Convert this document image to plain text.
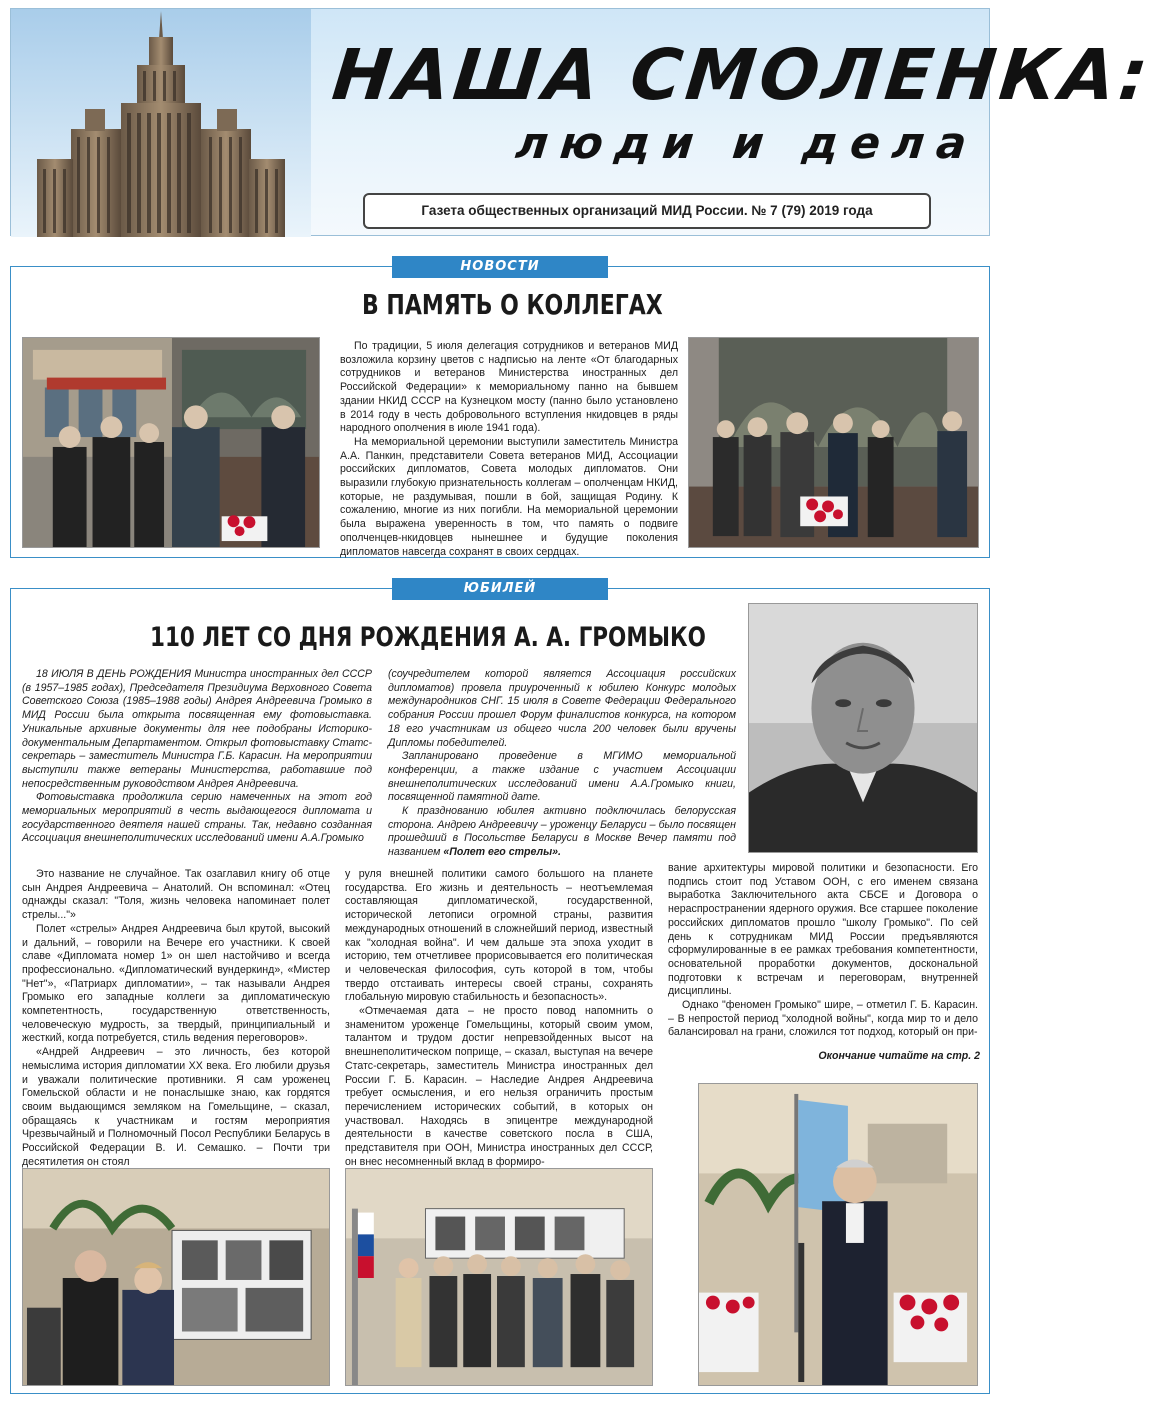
НАША СМОЛЕНКА:
люди и дела
Газета общественных организаций МИД России. № 7 (79) 2019 года
НОВОСТИ
В ПАМЯТЬ О КОЛЛЕГАХ

По традиции, 5 июля делегация сотрудников и ветеранов МИД возложила корзину цветов с надписью на ленте «От благодарных сотрудников и ветеранов Министерства иностранных дел Российской Федерации» к мемориальному панно на бывшем здании НКИД СССР на Кузнецком мосту (панно было установлено в 2014 году в честь добровольного вступления нкидовцев в ряды народного ополчения в июле 1941 года).

На мемориальной церемонии выступили заместитель Министра А.А. Панкин, представители Совета ветеранов МИД, Ассоциации российских дипломатов, Совета молодых дипломатов. Они выразили глубокую признательность коллегам – ополченцам НКИД, которые, не раздумывая, пошли в бой, защищая Родину. К сожалению, многие из них погибли. На мемориальной церемонии была выражена уверенность в том, что память о подвиге ополченцев-нкидовцев нынешнее и будущие поколения дипломатов навсегда сохранят в своих сердцах.

ЮБИЛЕЙ
110 ЛЕТ СО ДНЯ РОЖДЕНИЯ А. А. ГРОМЫКО

18 ИЮЛЯ В ДЕНЬ РОЖДЕНИЯ Министра иностранных дел СССР (в 1957–1985 годах), Председателя Президиума Верховного Совета Советского Союза (1985–1988 годы) Андрея Андреевича Громыко в МИД России была открыта посвященная ему фотовыставка. Уникальные архивные документы для нее подобраны Историко-документальным Департаментом. Открыл фотовыставку Статс-секретарь – заместитель Министра Г.Б. Карасин. На мероприятии выступили также ветераны Министерства, работавшие под непосредственным руководством Андрея Андреевича.

Фотовыставка продолжила серию намеченных на этот год мемориальных мероприятий в честь выдающегося дипломата и государственного деятеля нашей страны. Так, недавно созданная Ассоциация внешнеполитических исследований имени А.А.Громыко

(соучредителем которой является Ассоциация российских дипломатов) провела приуроченный к юбилею Конкурс молодых международников СНГ. 15 июля в Совете Федерации Федерального собрания России прошел Форум финалистов конкурса, на котором 18 его участникам из общего числа 200 человек были вручены Дипломы победителей.

Запланировано проведение в МГИМО мемориальной конференции, а также издание с участием Ассоциации внешнеполитических исследований имени А.А.Громыко книги, посвященной памятной дате.

К празднованию юбилея активно подключилась белорусская сторона. Андрею Андреевичу – уроженцу Беларуси – было посвящен прошедший в Посольстве Беларуси в Москве Вечер памяти под названием «Полет его стрелы».

Это название не случайное. Так озаглавил книгу об отце сын Андрея Андреевича – Анатолий. Он вспоминал: «Отец однажды сказал: "Толя, жизнь человека напоминает полет стрелы..."»

Полет «стрелы» Андрея Андреевича был крутой, высокий и дальний, – говорили на Вечере его участники. К своей славе «Дипломата номер 1» он шел настойчиво и всегда профессионально. «Дипломатический вундеркинд», «Мистер "Нет"», «Патриарх дипломатии», – так называли Андрея Громыко его западные коллеги за дипломатическую компетентность, государственную ответственность, человеческую мудрость, за твердый, принципиальный и жесткий, когда потребуется, стиль ведения переговоров».

«Андрей Андреевич – это личность, без которой немыслима история дипломатии XX века. Его любили друзья и уважали политические противники. Я сам уроженец Гомельской области и не понаслышке знаю, как гордятся своим выдающимся земляком на Гомельщине, – сказал, обращаясь к участникам и гостям мероприятия Чрезвычайный и Полномочный Посол Республики Беларусь в Российской Федерации В. И. Семашко. – Почти три десятилетия он стоял

у руля внешней политики самого большого на планете государства. Его жизнь и деятельность – неотъемлемая составляющая дипломатической, государственной, исторической летописи огромной страны, развития международных отношений в сложнейший период, известный как "холодная война". И чем дальше эта эпоха уходит в историю, тем отчетливее прорисовывается его политическая и человеческая философия, суть которой в том, чтобы твердо отстаивать интересы своей страны, сохранять глобальную мировую стабильность и безопасность».

«Отмечаемая дата – не просто повод напомнить о знаменитом уроженце Гомельщины, который своим умом, талантом и трудом достиг непревзойденных высот на внешнеполитическом поприще, – сказал, выступая на вечере Статс-секретарь, заместитель Министра иностранных дел России Г. Б. Карасин. – Наследие Андрея Андреевича требует осмысления, и его нельзя ограничить простым перечислением исторических событий, в которых он участвовал. Находясь в эпицентре международной деятельности в качестве советского посла в США, представителя при ООН, Министра иностранных дел СССР, он внес несомненный вклад в формиро-

вание архитектуры мировой политики и безопасности. Его подпись стоит под Уставом ООН, с его именем связана выработка Заключительного акта СБСЕ и Договора о нераспространении ядерного оружия. Все старшее поколение российских дипломатов прошло "школу Громыко". По сей день к сотрудникам МИД России предъявляются сформулированные в ее рамках требования компетентности, основательной проработки документов, доскональной подготовки к встречам и переговорам, внутренней дисциплины.

Однако "феномен Громыко" шире, – отметил Г. Б. Карасин. – В непростой период "холодной войны", когда мир то и дело балансировал на грани, сложился тот подход, который он при-

Окончание читайте на стр. 2
